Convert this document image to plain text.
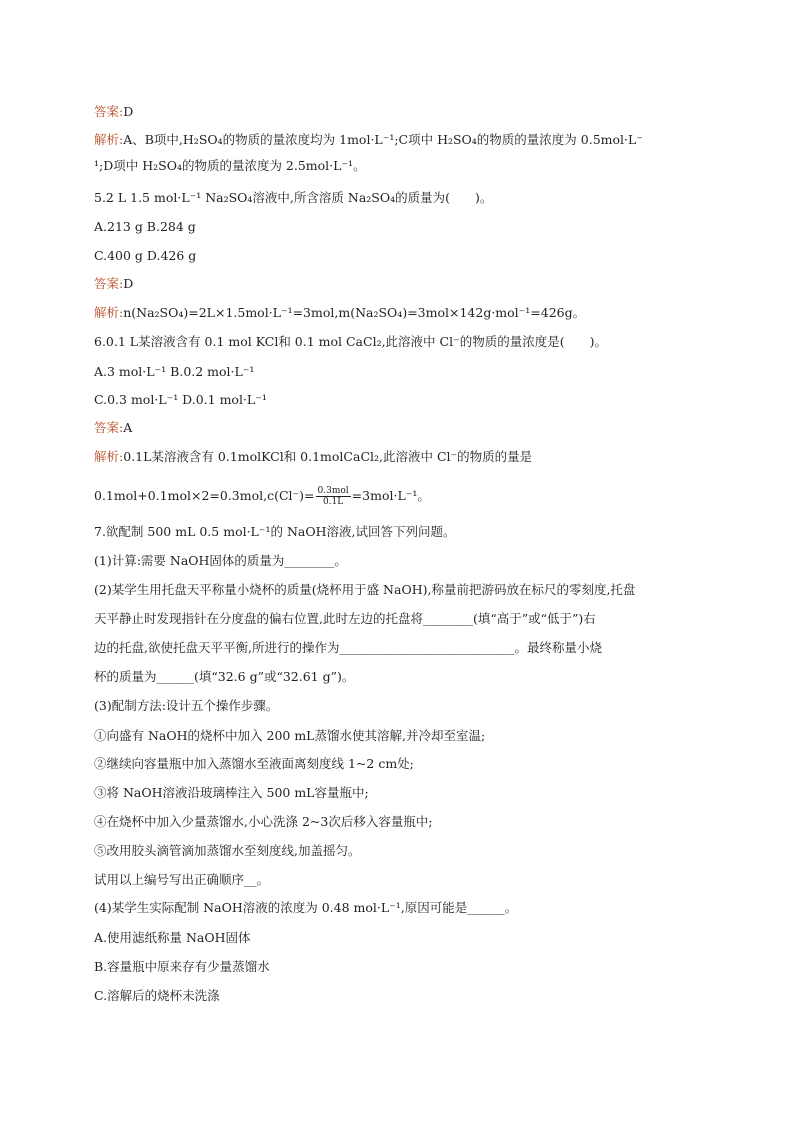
答案:D
解析:A、B项中,H₂SO₄的物质的量浓度均为 1mol·L⁻¹;C项中 H₂SO₄的物质的量浓度为 0.5mol·L⁻
¹;D项中 H₂SO₄的物质的量浓度为 2.5mol·L⁻¹。
5.2 L 1.5 mol·L⁻¹ Na₂SO₄溶液中,所含溶质 Na₂SO₄的质量为(　　)。
A.213 g B.284 g
C.400 g D.426 g
答案:D
解析:n(Na₂SO₄)=2L×1.5mol·L⁻¹=3mol,m(Na₂SO₄)=3mol×142g·mol⁻¹=426g。
6.0.1 L某溶液含有 0.1 mol KCl和 0.1 mol CaCl₂,此溶液中 Cl⁻的物质的量浓度是(　　)。
A.3 mol·L⁻¹ B.0.2 mol·L⁻¹
C.0.3 mol·L⁻¹ D.0.1 mol·L⁻¹
答案:A
解析:0.1L某溶液含有 0.1molKCl和 0.1molCaCl₂,此溶液中 Cl⁻的物质的量是
$0.1mol+0.1mol\times 2=0.3mol,c(Cl^-)= \frac{\text{0.3mol}}{0.1L} =3mol\cdot L^{-1}$。
7.欲配制 500 mL 0.5 mol·L⁻¹的 NaOH溶液,试回答下列问题。
(1)计算:需要 NaOH固体的质量为________。
(2)某学生用托盘天平称量小烧杯的质量(烧杯用于盛 NaOH),称量前把游码放在标尺的零刻度,托盘
天平静止时发现指针在分度盘的偏右位置,此时左边的托盘将________(填“高于”或“低于”)右
边的托盘,欲使托盘天平平衡,所进行的操作为____________________________。最终称量小烧
杯的质量为______(填“32.6 g”或“32.61 g”)。
(3)配制方法:设计五个操作步骤。
①向盛有 NaOH的烧杯中加入 200 mL蒸馏水使其溶解,并冷却至室温;
②继续向容量瓶中加入蒸馏水至液面离刻度线 1~2 cm处;
③将 NaOH溶液沿玻璃棒注入 500 mL容量瓶中;
④在烧杯中加入少量蒸馏水,小心洗涤 2~3次后移入容量瓶中;
⑤改用胶头滴管滴加蒸馏水至刻度线,加盖摇匀。
试用以上编号写出正确顺序__。
(4)某学生实际配制 NaOH溶液的浓度为 0.48 mol·L⁻¹,原因可能是______。
A.使用滤纸称量 NaOH固体
B.容量瓶中原来存有少量蒸馏水
C.溶解后的烧杯未洗涤
